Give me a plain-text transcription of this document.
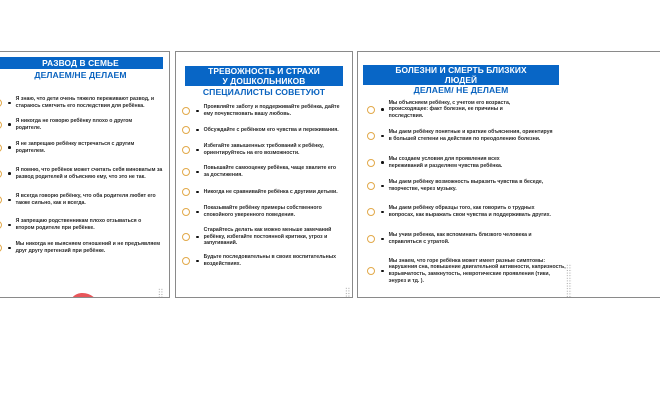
РАЗВОД В СЕМЬЕ
ДЕЛАЕМ/НЕ ДЕЛАЕМ
Я знаю, что дети очень тяжело переживают развод, и стараюсь смягчить его последствия для ребёнка.
Я никогда не говорю ребёнку плохо о другом родителе.
Я не запрещаю ребёнку встречаться с другим родителем.
Я помню, что ребёнок может считать себя виноватым за развод родителей и объясняю ему, что это не так.
Я всегда говорю ребёнку, что оба родителя любят его также сильно, как и всегда.
Я запрещаю родственникам плохо отзываться о втором родителе при ребёнке.
Мы никогда не выясняем отношений и не предъявляем друг другу претензий при ребёнке.
ТРЕВОЖНОСТЬ И СТРАХИ
У ДОШКОЛЬНИКОВ
СПЕЦИАЛИСТЫ СОВЕТУЮТ
Проявляйте заботу и поддерживайте ребёнка, дайте ему почувствовать вашу любовь.
Обсуждайте с ребёнком его чувства и переживания.
Избегайте завышенных требований к ребёнку, ориентируйтесь на его возможности.
Повышайте самооценку ребёнка, чаще хвалите его за достижения.
Никогда не сравнивайте ребёнка с другими детьми.
Показывайте ребёнку примеры собственного спокойного уверенного поведения.
Старайтесь делать как можно меньше замечаний ребёнку, избегайте постоянной критики, угроз и запугиваний.
Будьте последовательны в своих воспитательных воздействиях.
БОЛЕЗНИ И СМЕРТЬ БЛИЗКИХ
ЛЮДЕЙ
ДЕЛАЕМ/ НЕ ДЕЛАЕМ
Мы объясняем ребёнку, с учетом его возраста, происходящее: факт болезни, ее причины и последствия.
Мы даем ребёнку понятные и краткие объяснения, ориентируя в большей степени на действия по преодолению болезни.
Мы создаем условия для проявления всех переживаний и разделяем чувства ребёнка.
Мы даем ребёнку возможность выразить чувства в беседе, творчестве, через музыку.
Мы даем ребёнку образцы того, как говорить о трудных вопросах, как выражать свои чувства и поддерживать других.
Мы учим ребенка, как вспоминать близкого человека и справляться с утратой.
Мы знаем, что горе ребёнка может имеет разные симптомы: нарушения сна, повышение двигательной активности, капризность, взрывчатость, замкнутость, невротические проявления (тики, энурез и тд. ).
